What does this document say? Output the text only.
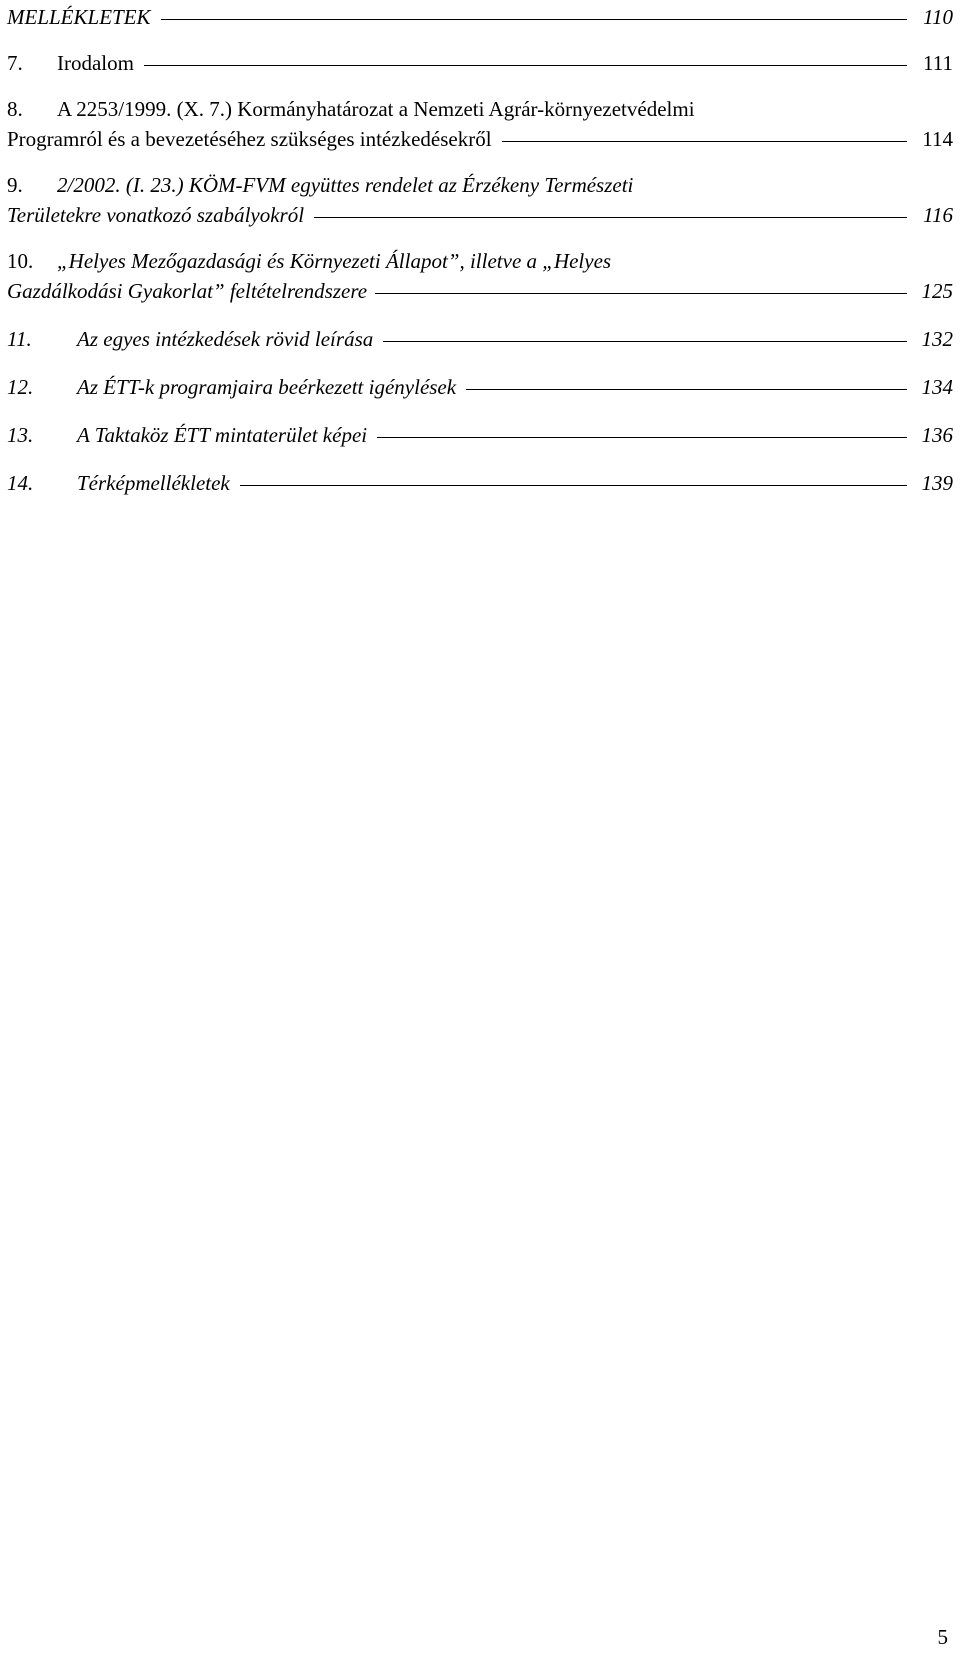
MELLÉKLETEK	110
7.	Irodalom	111
8.	A 2253/1999. (X. 7.) Kormányhatározat a Nemzeti Agrár-környezetvédelmi
Programról és a bevezetéséhez szükséges intézkedésekről	114
9.	2/2002. (I. 23.) KÖM-FVM együttes rendelet az Érzékeny Természeti
Területekre vonatkozó szabályokról	116
10.	„Helyes Mezőgazdasági és Környezeti Állapot”, illetve a „Helyes
Gazdálkodási Gyakorlat” feltételrendszere	125
11.	Az egyes intézkedések rövid leírása	132
12.	Az ÉTT-k programjaira beérkezett igénylések	134
13.	A Taktaköz ÉTT mintaterület képei	136
14.	Térképmellékletek	139
5
